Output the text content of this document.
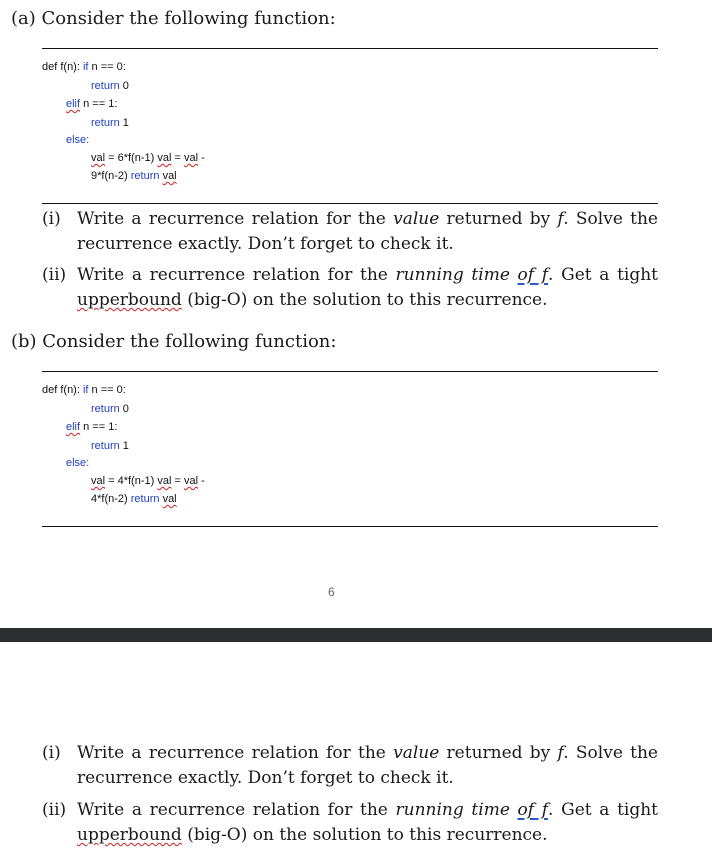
(a) Consider the following function:
def f(n): if n == 0:
return 0
elif n == 1:
return 1
else:
val = 6*f(n-1) val = val -
9*f(n-2) return val
(i) Write a recurrence relation for the value returned by f. Solve the
recurrence exactly. Don’t forget to check it.
(ii) Write a recurrence relation for the running time of f. Get a tight
upperbound (big-O) on the solution to this recurrence.
(b) Consider the following function:
def f(n): if n == 0:
return 0
elif n == 1:
return 1
else:
val = 4*f(n-1) val = val -
4*f(n-2) return val
6
(i) Write a recurrence relation for the value returned by f. Solve the
recurrence exactly. Don’t forget to check it.
(ii) Write a recurrence relation for the running time of f. Get a tight
upperbound (big-O) on the solution to this recurrence.
